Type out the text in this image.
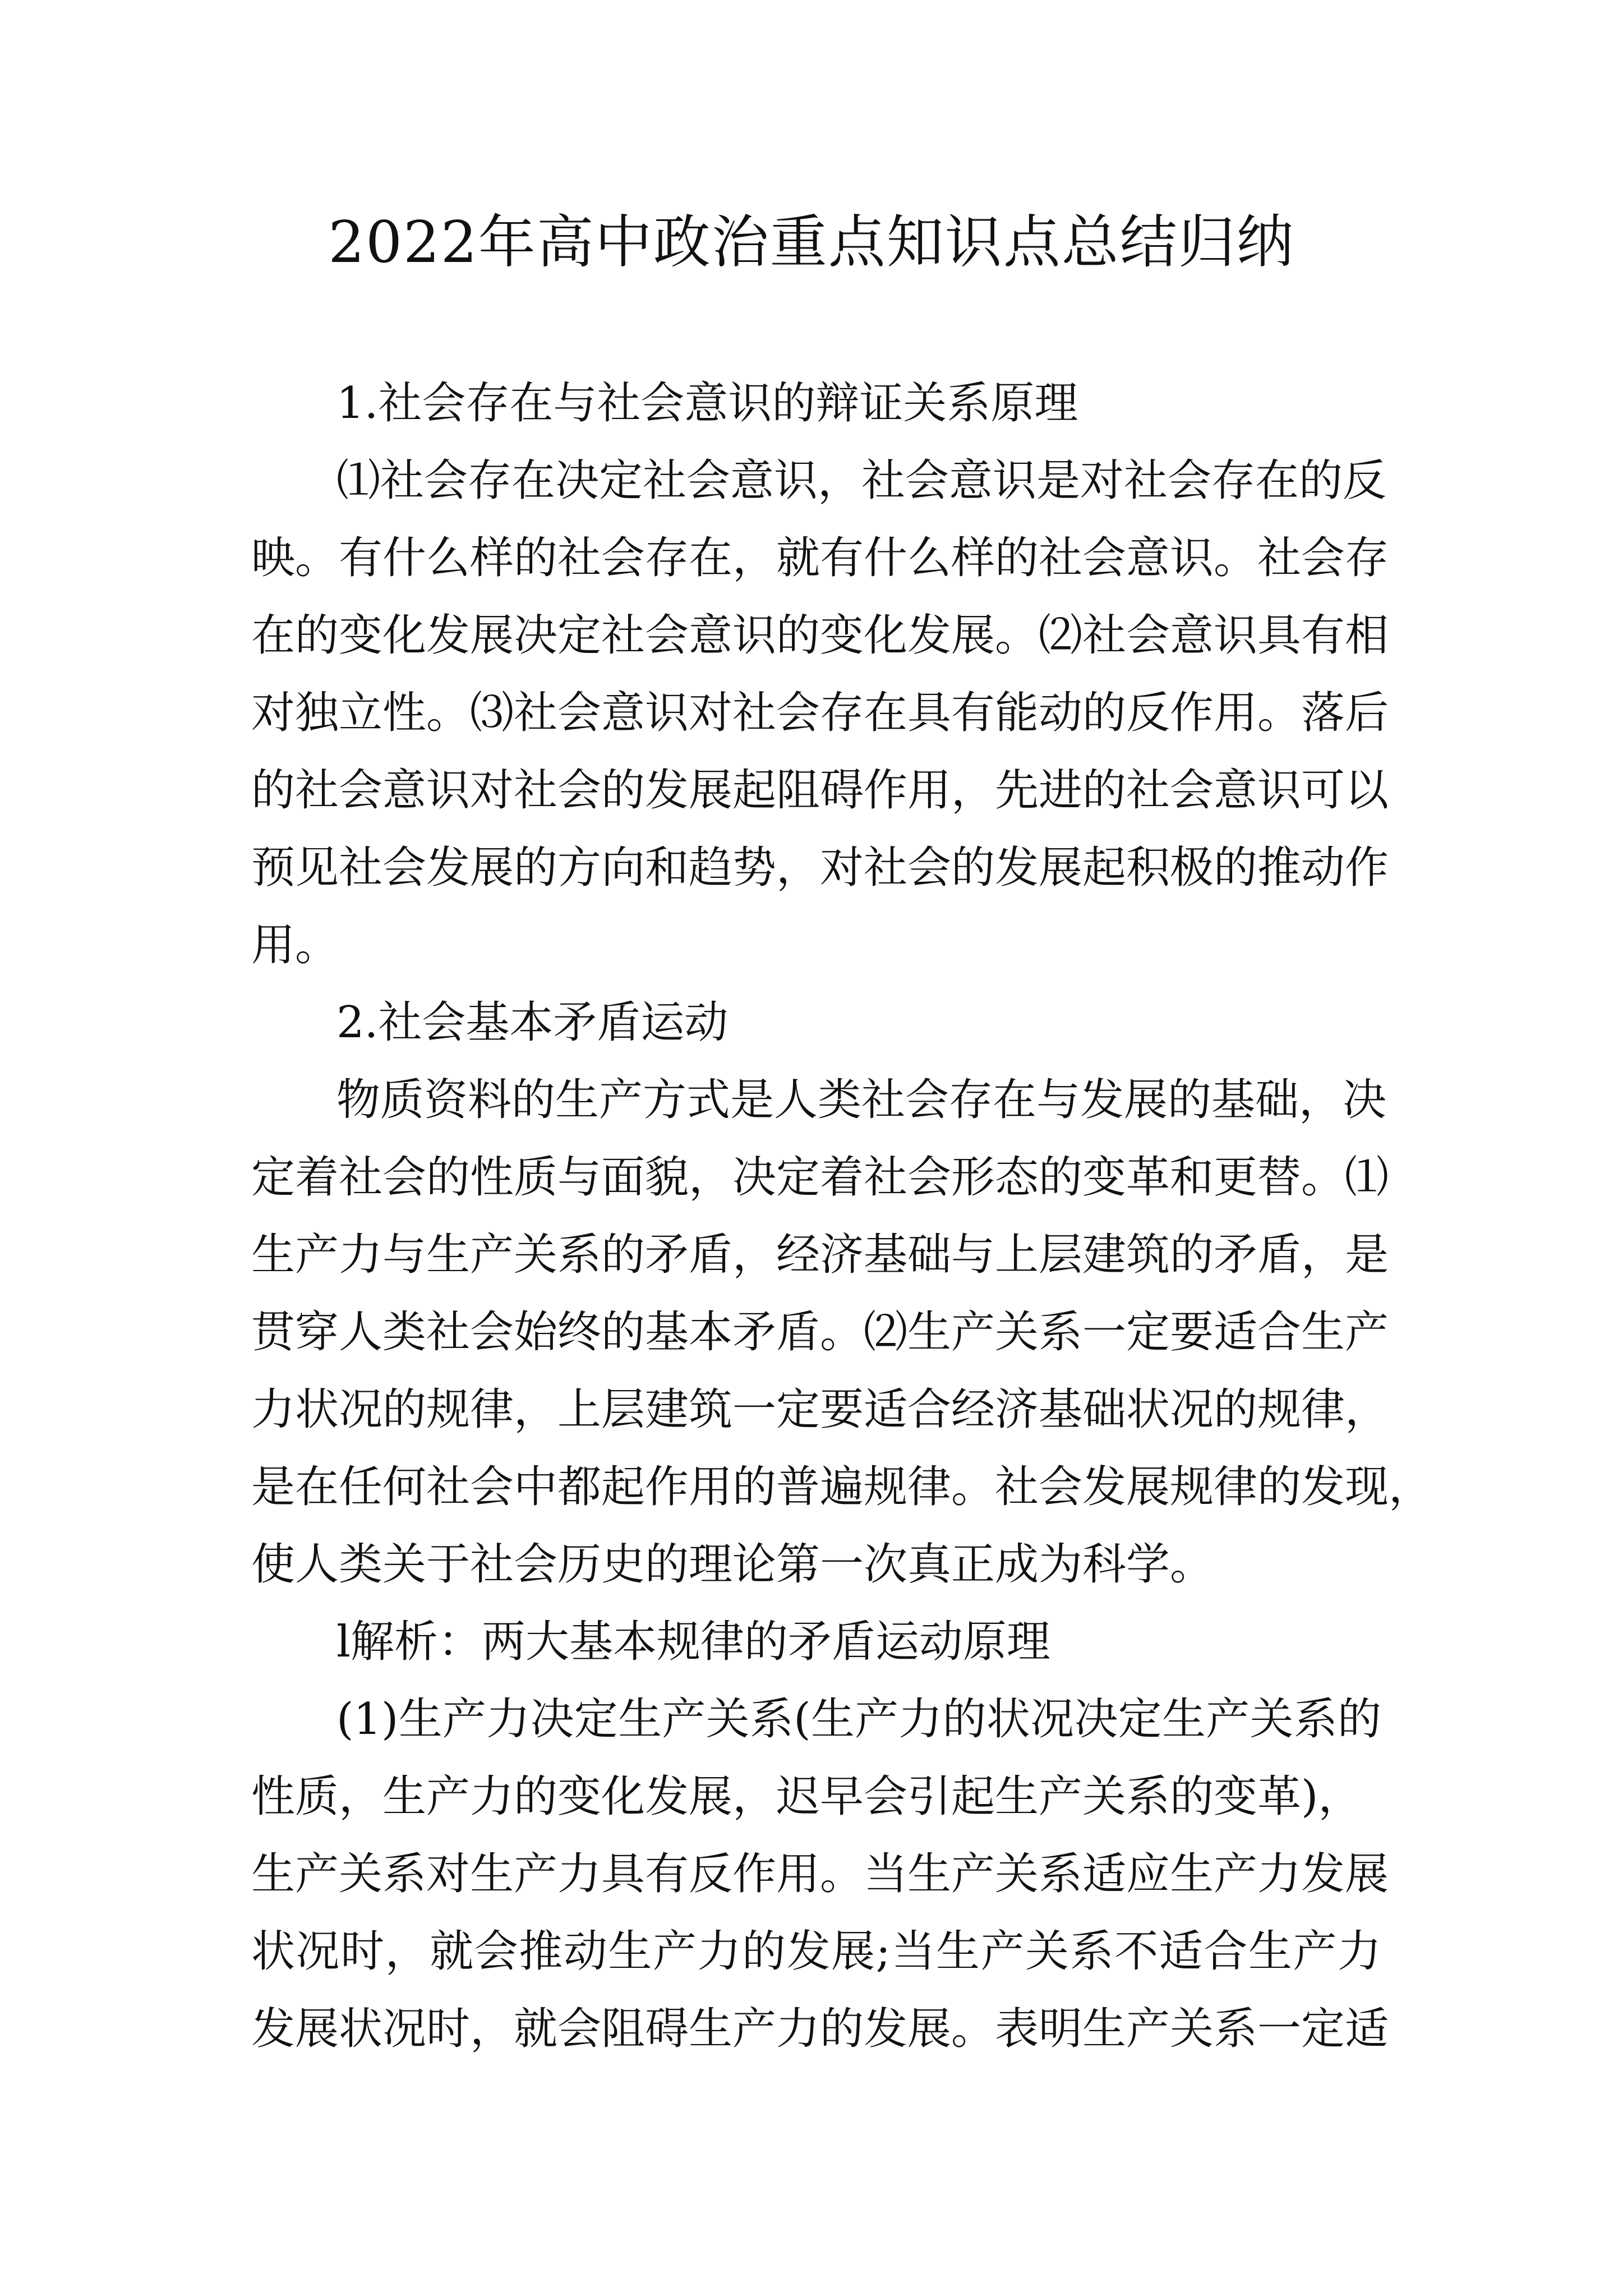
2022年高中政治重点知识点总结归纳
1.社会存在与社会意识的辩证关系原理
⑴社会存在决定社会意识，社会意识是对社会存在的反
映。有什么样的社会存在，就有什么样的社会意识。社会存
在的变化发展决定社会意识的变化发展。⑵社会意识具有相
对独立性。⑶社会意识对社会存在具有能动的反作用。落后
的社会意识对社会的发展起阻碍作用，先进的社会意识可以
预见社会发展的方向和趋势，对社会的发展起积极的推动作
用。
2.社会基本矛盾运动
物质资料的生产方式是人类社会存在与发展的基础，决
定着社会的性质与面貌，决定着社会形态的变革和更替。⑴
生产力与生产关系的矛盾，经济基础与上层建筑的矛盾，是
贯穿人类社会始终的基本矛盾。⑵生产关系一定要适合生产
力状况的规律，上层建筑一定要适合经济基础状况的规律，
是在任何社会中都起作用的普遍规律。社会发展规律的发现，
使人类关于社会历史的理论第一次真正成为科学。
l解析：两大基本规律的矛盾运动原理
(1)生产力决定生产关系(生产力的状况决定生产关系的
性质，生产力的变化发展，迟早会引起生产关系的变革)，
生产关系对生产力具有反作用。当生产关系适应生产力发展
状况时，就会推动生产力的发展;当生产关系不适合生产力
发展状况时，就会阻碍生产力的发展。表明生产关系一定适
